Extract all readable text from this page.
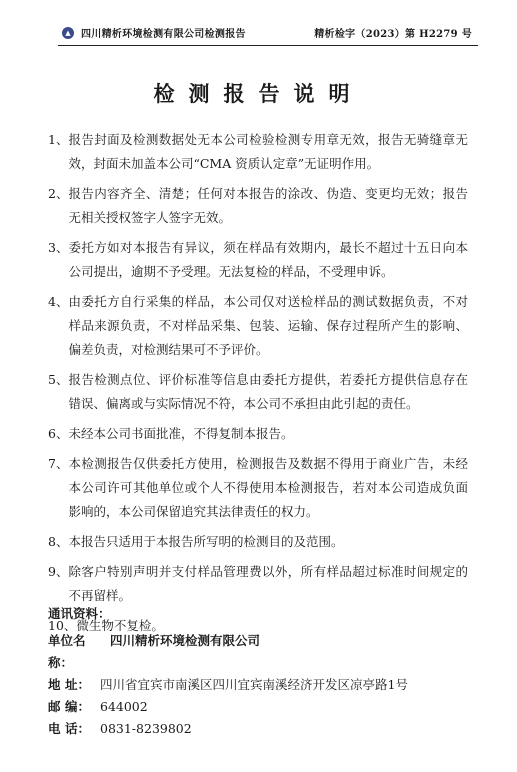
▲	四川精析环境检测有限公司检测报告	精析检字（2023）第 H2279 号
检测报告说明
1、 报告封面及检测数据处无本公司检验检测专用章无效，报告无骑缝章无效，封面未加盖本公司“CMA 资质认定章”无证明作用。
2、 报告内容齐全、清楚；任何对本报告的涂改、伪造、变更均无效；报告无相关授权签字人签字无效。
3、 委托方如对本报告有异议，须在样品有效期内，最长不超过十五日向本公司提出，逾期不予受理。无法复检的样品，不受理申诉。
4、 由委托方自行采集的样品，本公司仅对送检样品的测试数据负责，不对样品来源负责，不对样品采集、包装、运输、保存过程所产生的影响、偏差负责，对检测结果可不予评价。
5、 报告检测点位、评价标准等信息由委托方提供，若委托方提供信息存在错误、偏离或与实际情况不符，本公司不承担由此引起的责任。
6、 未经本公司书面批准，不得复制本报告。
7、 本检测报告仅供委托方使用，检测报告及数据不得用于商业广告，未经本公司许可其他单位或个人不得使用本检测报告，若对本公司造成负面影响的，本公司保留追究其法律责任的权力。
8、 本报告只适用于本报告所写明的检测目的及范围。
9、 除客户特别声明并支付样品管理费以外，所有样品超过标准时间规定的不再留样。
10、 微生物不复检。
通讯资料：
单位名称：
四川精析环境检测有限公司
地 址： 四川省宜宾市南溪区四川宜宾南溪经济开发区凉亭路1号
邮 编： 644002
电 话： 0831-8239802
